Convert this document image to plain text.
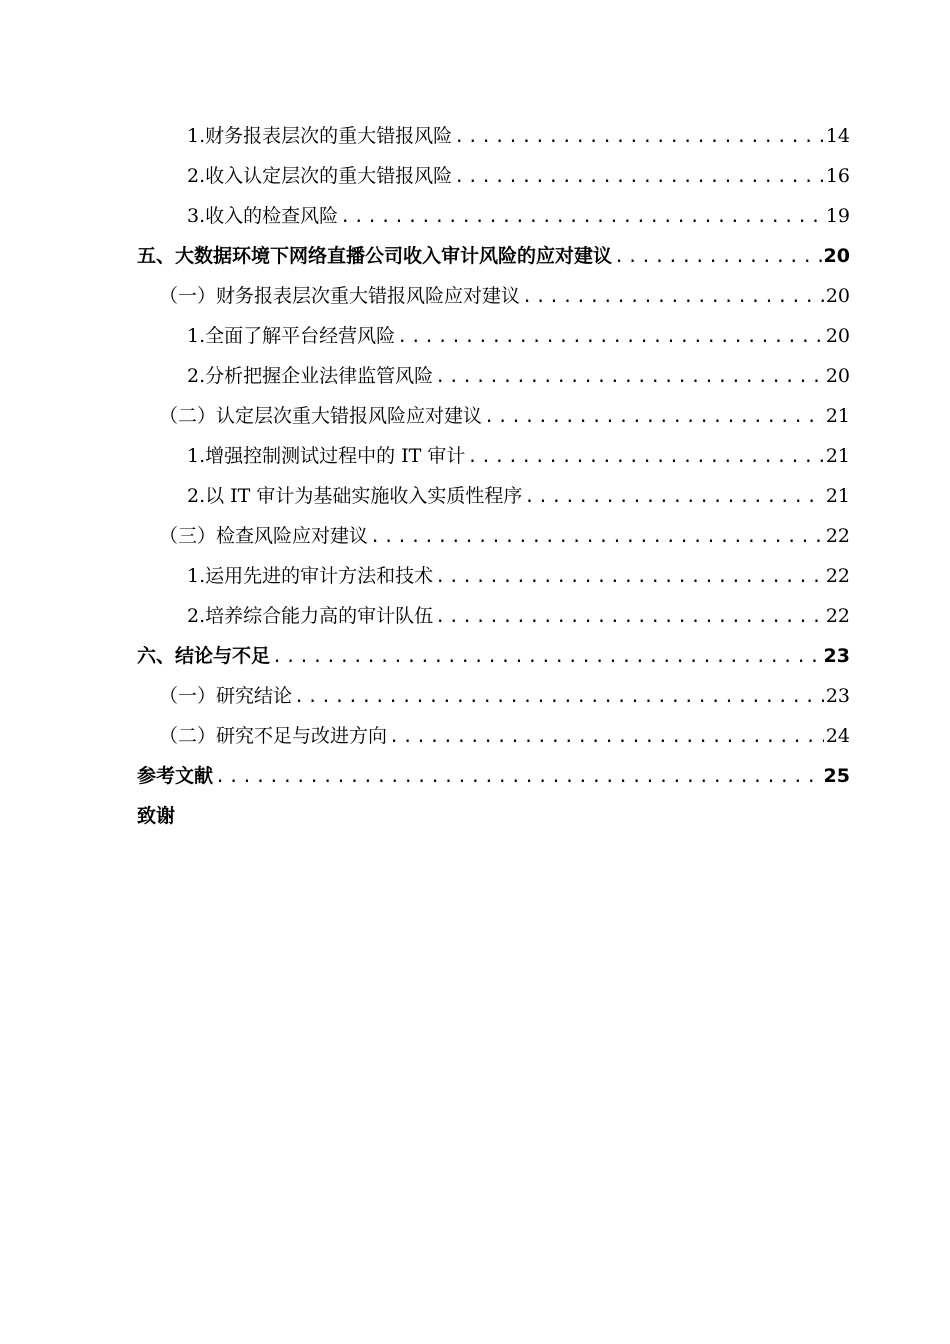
1. 财务报表层次的重大错报风险 .....	14
2. 收入认定层次的重大错报风险 .....	16
3. 收入的检查风险 .....	19
五、大数据环境下网络直播公司收入审计风险的应对建议 .....	20
（一）财务报表层次重大错报风险应对建议 .....	20
1. 全面了解平台经营风险 .....	20
2. 分析把握企业法律监管风险 .....	20
（二）认定层次重大错报风险应对建议 .....	21
1. 增强控制测试过程中的 IT 审计 .....	21
2. 以 IT 审计为基础实施收入实质性程序 .....	21
（三）检查风险应对建议 .....	22
1. 运用先进的审计方法和技术 .....	22
2. 培养综合能力高的审计队伍 .....	22
六、结论与不足 .....	23
（一）研究结论 .....	23
（二）研究不足与改进方向 .....	24
参考文献 .....	25
致谢
